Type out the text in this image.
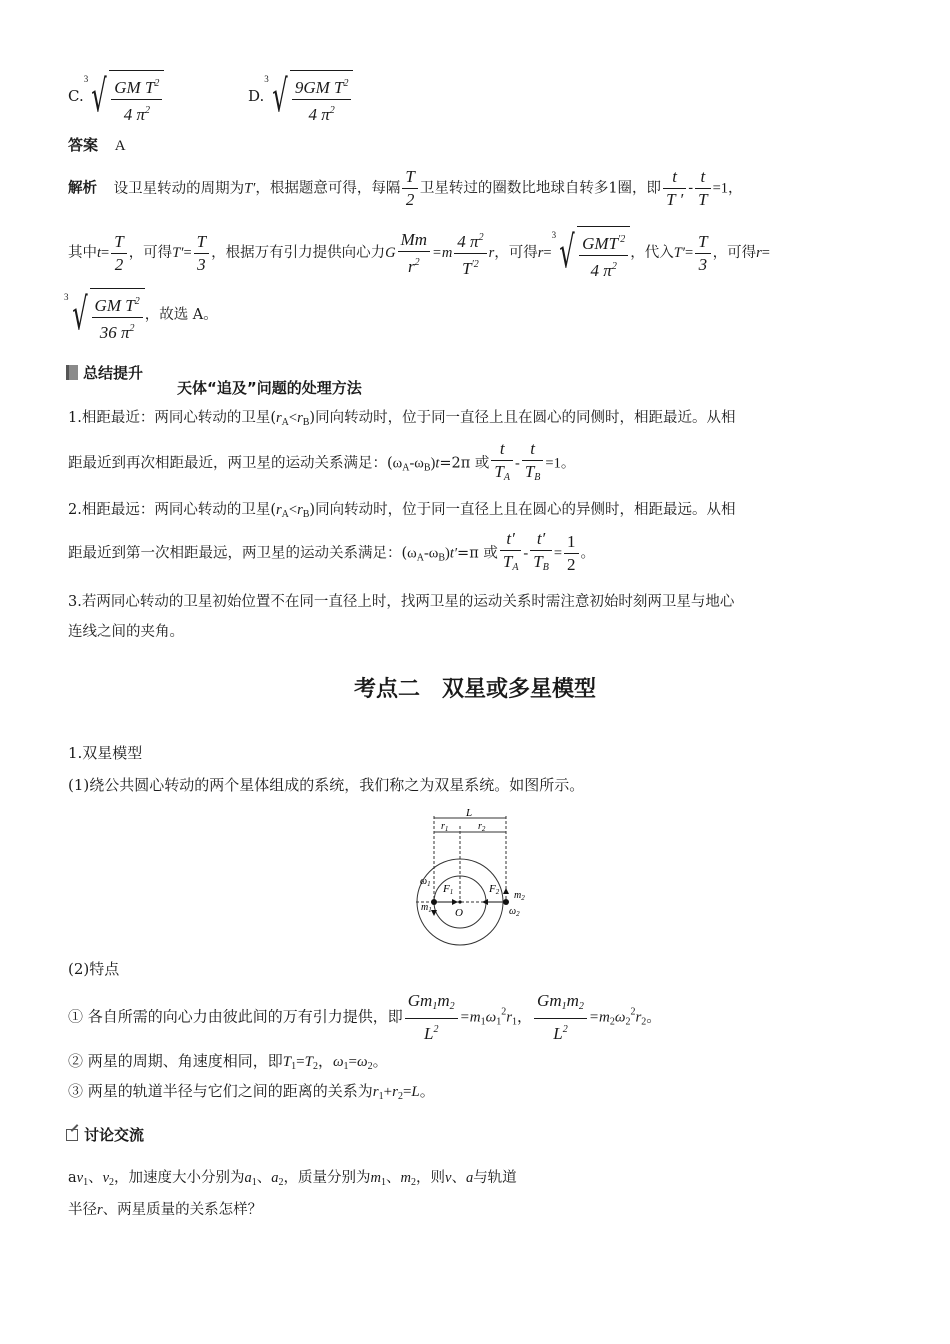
C.
3 √ $\frac{GM T^2}{4 \pi^2}$	D.
3 √ $\frac{9GM T^2}{4 \pi^2}$
答案 A
解析 设卫星转动的周期为T′，根据题意可得，每隔 $\frac{T}{2}$ 卫星转过的圈数比地球自转多1圈，即 $\frac{t}{T '} - \frac{t}{T} =1$，
其中$t= \frac{T}{2}$ ，可得$T'= \frac{T}{3}$ ，根据万有引力提供向心力G $\frac{Mm}{r^2} =m \frac{4 \pi^2}{T^{'2}}$ r，可得r=
3 √ $\frac{GMT^{'2}}{4 \pi^2}$ ，代入$T'= \frac{T}{3}$ ，可得r=
3 √ $\frac{GM T^2}{36 \pi^2}$ ，故选 A。
总结提升
天体“追及”问题的处理方法
1.相距最近：两同心转动的卫星$(r_A<r_B)$同向转动时，位于同一直径上且在圆心的同侧时，相距最近。从相
距最近到再次相距最近，两卫星的运动关系满足：$(\omega_A-\omega_B)t=2\pi$ 或 $\frac{t}{T_A} - \frac{t}{T_B} =1$。
2.相距最远：两同心转动的卫星$(r_A<r_B)$同向转动时，位于同一直径上且在圆心的异侧时，相距最远。从相
距最近到第一次相距最远，两卫星的运动关系满足：$(\omega_A-\omega_B)t'=\pi$ 或 $\frac{t'}{T_A} - \frac{t'}{T_B} = \frac{1}{2}$ 。
3.若两同心转动的卫星初始位置不在同一直径上时，找两卫星的运动关系时需注意初始时刻两卫星与地心
连线之间的夹角。
考点二　双星或多星模型
1.双星模型
(1)绕公共圆心转动的两个星体组成的系统，我们称之为双星系统。如图所示。
L
$r_1$	$r_2$
F1	F2
O
$\omega_1$
$m_1$
$m_2$
$\omega_2$
(2)特点
① 各自所需的向心力由彼此间的万有引力提供，即 $\frac{Gm_1m_2}{L^2} =m_1\omega_1^2r_1$， $\frac{Gm_1m_2}{L^2} =m_2\omega_2^2r_2$。
② 两星的周期、角速度相同，即$T_1=T_2$，$\omega_1=\omega_2$。
③ 两星的轨道半径与它们之间的距离的关系为$r_1+r_2=L$。
讨论交流
$av_1$、$v_2$，加速度大小分别为$a_1$、$a_2$，质量分别为$m_1$、$m_2$，则v、a与轨道
半径r、两星质量的关系怎样？
